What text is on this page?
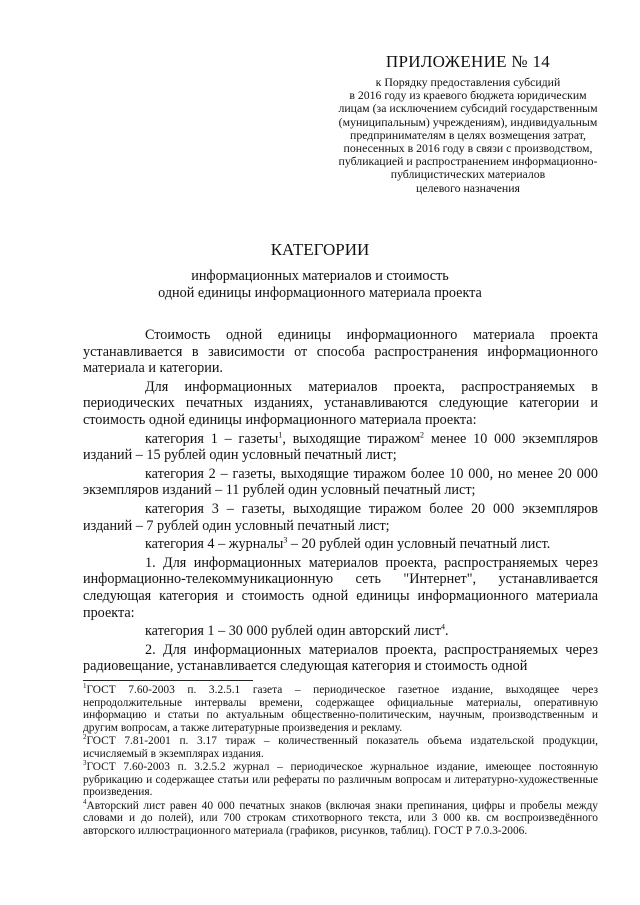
ПРИЛОЖЕНИЕ № 14

к Порядку предоставления субсидий

в 2016 году из краевого бюджета юридическим

лицам (за исключением субсидий государственным

(муниципальным) учреждениям), индивидуальным

предпринимателям в целях возмещения затрат,

понесенных в 2016 году в связи с производством,

публикацией и распространением информационно-

публицистических материалов

целевого назначения

КАТЕГОРИИ

информационных материалов и стоимость

одной единицы информационного материала проекта

Стоимость одной единицы информационного материала проекта устанавливается в зависимости от способа распространения информационного материала и категории.

Для информационных материалов проекта, распространяемых в периодических печатных изданиях, устанавливаются следующие категории и стоимость одной единицы информационного материала проекта:

категория 1 – газеты$^1$, выходящие тиражом$^2$ менее 10 000 экземпляров изданий – 15 рублей один условный печатный лист;

категория 2 – газеты, выходящие тиражом более 10 000, но менее 20 000 экземпляров изданий – 11 рублей один условный печатный лист;

категория 3 – газеты, выходящие тиражом более 20 000 экземпляров изданий – 7 рублей один условный печатный лист;

категория 4 – журналы$^3$ – 20 рублей один условный печатный лист.

1. Для информационных материалов проекта, распространяемых через информационно-телекоммуникационную сеть "Интернет", устанавливается следующая категория и стоимость одной единицы информационного материала проекта:

категория 1 – 30 000 рублей один авторский лист$^4$.

2. Для информационных материалов проекта, распространяемых через радиовещание, устанавливается следующая категория и стоимость одной

$^1$ГОСТ 7.60-2003 п. 3.2.5.1 газета – периодическое газетное издание, выходящее через непродолжительные интервалы времени, содержащее официальные материалы, оперативную информацию и статьи по актуальным общественно-политическим, научным, производственным и другим вопросам, а также литературные произведения и рекламу.

$^2$ГОСТ 7.81-2001 п. 3.17 тираж – количественный показатель объема издательской продукции, исчисляемый в экземплярах издания.

$^3$ГОСТ 7.60-2003 п. 3.2.5.2 журнал – периодическое журнальное издание, имеющее постоянную рубрикацию и содержащее статьи или рефераты по различным вопросам и литературно-художественные произведения.

$^4$Авторский лист равен 40 000 печатных знаков (включая знаки препинания, цифры и пробелы между словами и до полей), или 700 строкам стихотворного текста, или 3 000 кв. см воспроизведённого авторского иллюстрационного материала (графиков, рисунков, таблиц). ГОСТ Р 7.0.3-2006.
